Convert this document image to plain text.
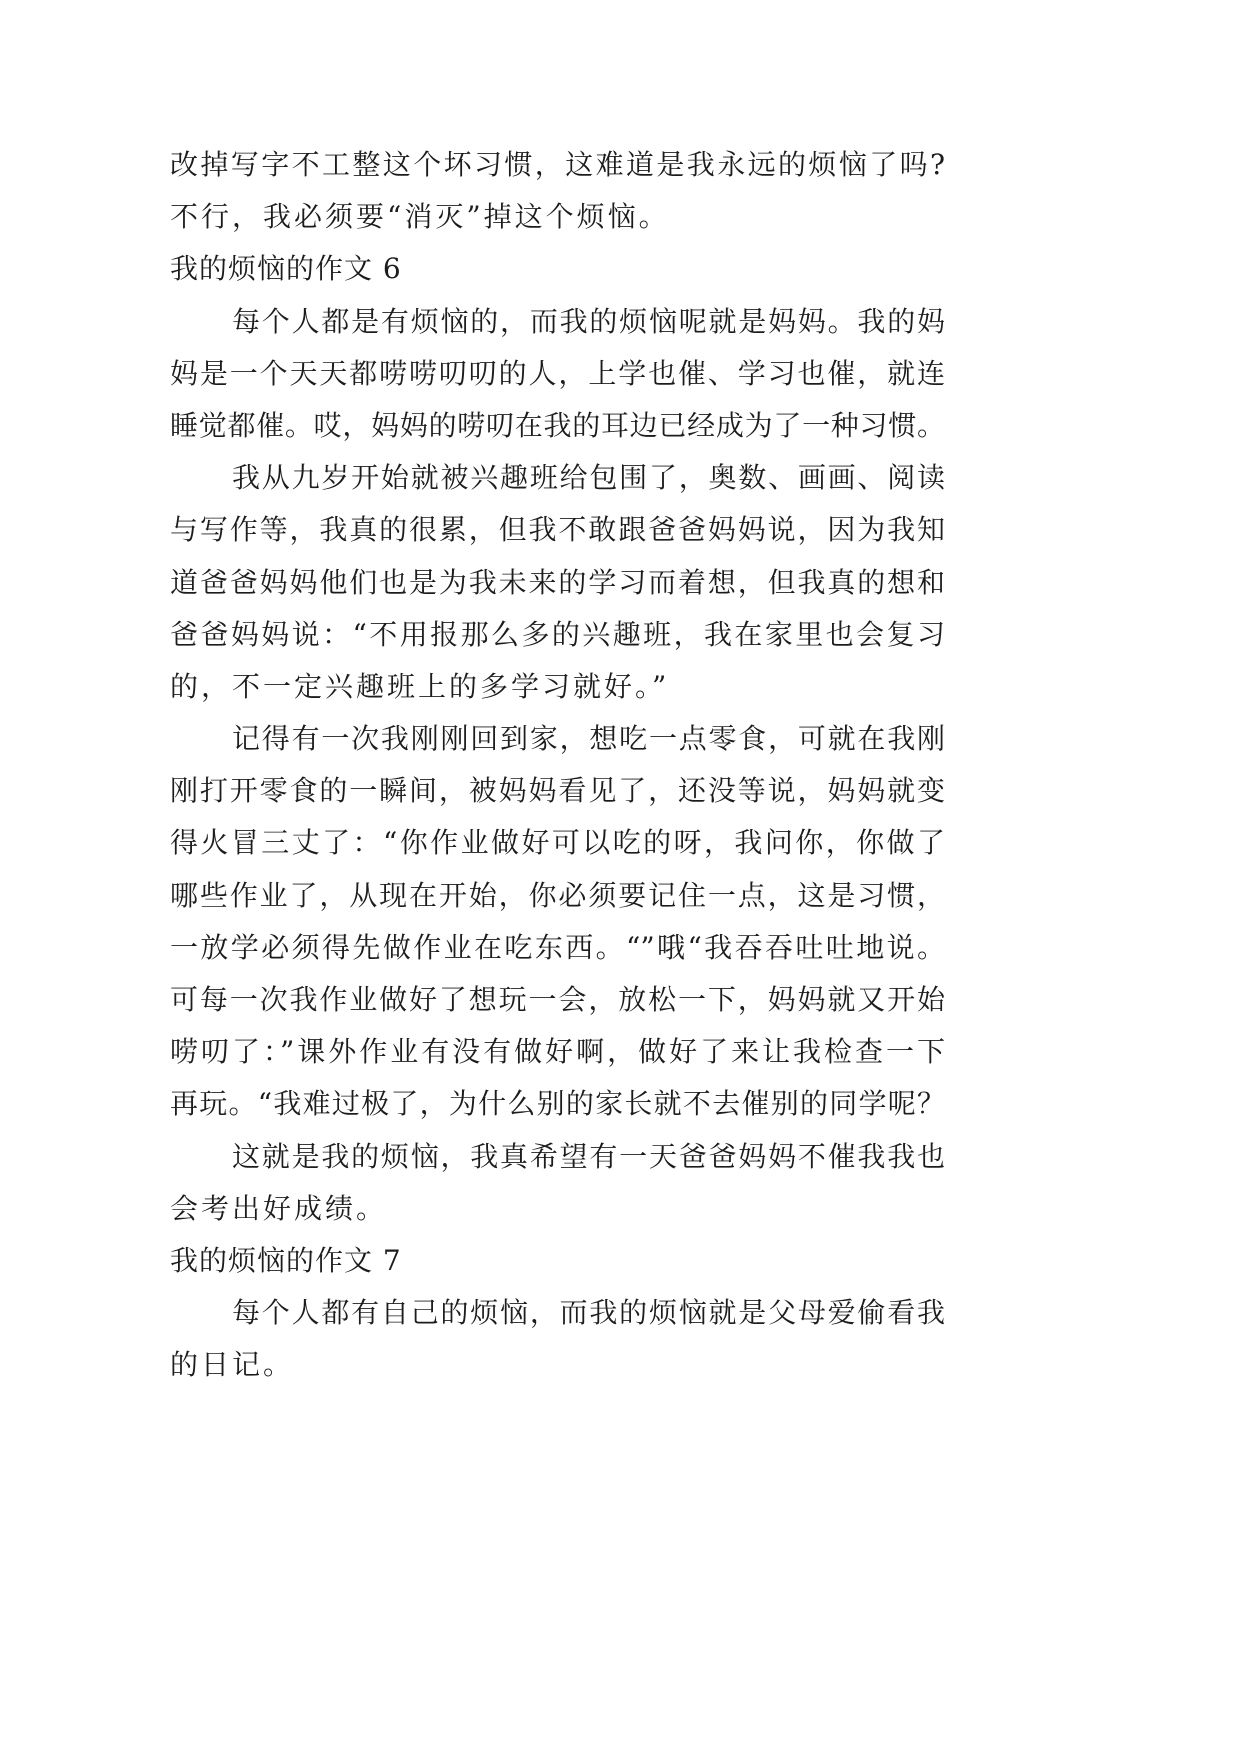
改掉写字不工整这个坏习惯，这难道是我永远的烦恼了吗?
不行，我必须要“消灭”掉这个烦恼。
我的烦恼的作文 6
每个人都是有烦恼的，而我的烦恼呢就是妈妈。我的妈
妈是一个天天都唠唠叨叨的人，上学也催、学习也催，就连
睡觉都催。哎，妈妈的唠叨在我的耳边已经成为了一种习惯。
我从九岁开始就被兴趣班给包围了，奥数、画画、阅读
与写作等，我真的很累，但我不敢跟爸爸妈妈说，因为我知
道爸爸妈妈他们也是为我未来的学习而着想，但我真的想和
爸爸妈妈说：“不用报那么多的兴趣班，我在家里也会复习
的，不一定兴趣班上的多学习就好。”
记得有一次我刚刚回到家，想吃一点零食，可就在我刚
刚打开零食的一瞬间，被妈妈看见了，还没等说，妈妈就变
得火冒三丈了：“你作业做好可以吃的呀，我问你，你做了
哪些作业了，从现在开始，你必须要记住一点，这是习惯，
一放学必须得先做作业在吃东西。“”哦“我吞吞吐吐地说。
可每一次我作业做好了想玩一会，放松一下，妈妈就又开始
唠叨了：”课外作业有没有做好啊，做好了来让我检查一下
再玩。“我难过极了，为什么别的家长就不去催别的同学呢？
这就是我的烦恼，我真希望有一天爸爸妈妈不催我我也
会考出好成绩。
我的烦恼的作文 7
每个人都有自己的烦恼，而我的烦恼就是父母爱偷看我
的日记。
